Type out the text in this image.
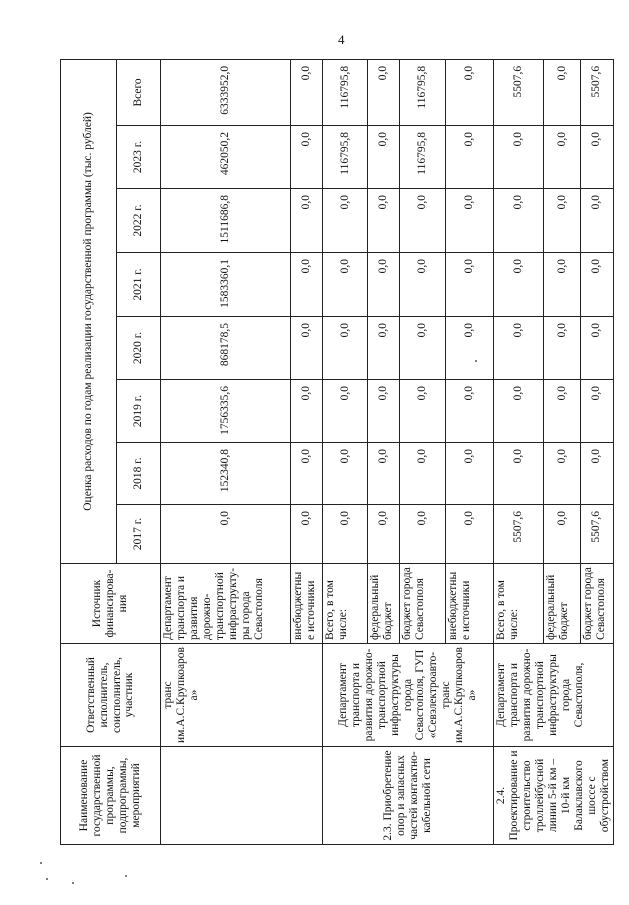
4
Наименование государственной программы, подпрограммы, мероприятий	Ответственный исполнитель, соисполнитель, участник	Источник финансирова-ния	Оценка расходов по годам реализации государственной программы (тыс. рублей)							
			2017 г.	2018 г.	2019 г.	2020 г.	2021 г.	2022 г.	2023 г.	Всего
	транс им.А.С.Крупкоарова»	Департамент транспорта и развития дорожно-транспортной инфраструкту-ры города Севастополя	0,0	152340,8	1756335,6	868178,5	1583360,1	1511686,8	462050,2	6333952,0
		внебюджетные источники	0,0	0,0	0,0	0,0	0,0	0,0	0,0	0,0
2.3. Приобретение опор и запасных частей контактно-кабельной сети	Департамент транспорта и развития дорожно-транспортной инфраструктуры города Севастополя, ГУП «Севэлектроавто-транс им.А.С.Крупкоарова»	Всего, в том числе:	0,0	0,0	0,0	0,0	0,0	0,0	116795,8	116795,8
		федеральный бюджет	0,0	0,0	0,0	0,0	0,0	0,0	0,0	0,0
		бюджет города Севастополя	0,0	0,0	0,0	0,0	0,0	0,0	116795,8	116795,8
		внебюджетные источники	0,0	0,0	0,0	0,0	0,0	0,0	0,0	0,0
2.4. Проектирование и строительство троллейбусной линии 5-й км – 10-й км Балаклавского шоссе с обустройством	Департамент транспорта и развития дорожно-транспортной инфраструктуры города Севастополя,	Всего, в том числе:	5507,6	0,0	0,0	0,0	0,0	0,0	0,0	5507,6
		федеральный бюджет	0,0	0,0	0,0	0,0	0,0	0,0	0,0	0,0
		бюджет города Севастополя	5507,6	0,0	0,0	0,0	0,0	0,0	0,0	5507,6
